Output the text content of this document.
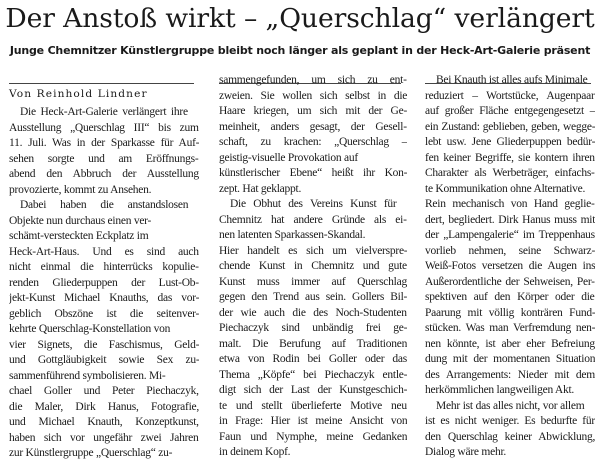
Der Anstoß wirkt – „Querschlag“ verlängert
Junge Chemnitzer Künstlergruppe bleibt noch länger als geplant in der Heck-Art-Galerie präsent
Von Reinhold Lindner
Die Heck-Art-Galerie verlängert ihre
Ausstellung „Querschlag III“ bis zum
11. Juli. Was in der Sparkasse für Auf-
sehen sorgte und am Eröffnungs-
abend den Abbruch der Ausstellung
provozierte, kommt zu Ansehen.
Dabei haben die anstandslosen
Objekte nun durchaus einen ver-
schämt-versteckten Eckplatz im
Heck-Art-Haus. Und es sind auch
nicht einmal die hinterrücks kopulie-
renden Gliederpuppen der Lust-Ob-
jekt-Kunst Michael Knauths, das vor-
geblich Obszöne ist die seitenver-
kehrte Querschlag-Konstellation von
vier Signets, die Faschismus, Geld-
und Gottgläubigkeit sowie Sex zu-
sammenführend symbolisieren. Mi-
chael Goller und Peter Piechaczyk,
die Maler, Dirk Hanus, Fotografie,
und Michael Knauth, Konzeptkunst,
haben sich vor ungefähr zwei Jahren
zur Künstlergruppe „Querschlag“ zu-
sammengefunden, um sich zu ent-
zweien. Sie wollen sich selbst in die
Haare kriegen, um sich mit der Ge-
meinheit, anders gesagt, der Gesell-
schaft, zu krachen: „Querschlag –
geistig-visuelle Provokation auf
künstlerischer Ebene“ heißt ihr Kon-
zept. Hat geklappt.
Die Obhut des Vereins Kunst für
Chemnitz hat andere Gründe als ei-
nen latenten Sparkassen-Skandal.
Hier handelt es sich um vielverspre-
chende Kunst in Chemnitz und gute
Kunst muss immer auf Querschlag
gegen den Trend aus sein. Gollers Bil-
der wie auch die des Noch-Studenten
Piechaczyk sind unbändig frei ge-
malt. Die Berufung auf Traditionen
etwa von Rodin bei Goller oder das
Thema „Köpfe“ bei Piechaczyk entle-
digt sich der Last der Kunstgeschich-
te und stellt überlieferte Motive neu
in Frage: Hier ist meine Ansicht von
Faun und Nymphe, meine Gedanken
in deinem Kopf.
Bei Knauth ist alles aufs Minimale
reduziert – Wortstücke, Augenpaar
auf großer Fläche entgegengesetzt –
ein Zustand: geblieben, geben, wegge-
lebt usw. Jene Gliederpuppen bedür-
fen keiner Begriffe, sie kontern ihren
Charakter als Werbeträger, einfachs-
te Kommunikation ohne Alternative.
Rein mechanisch von Hand geglie-
dert, begliedert. Dirk Hanus muss mit
der „Lampengalerie“ im Treppenhaus
vorlieb nehmen, seine Schwarz-
Weiß-Fotos versetzen die Augen ins
Außerordentliche der Sehweisen, Per-
spektiven auf den Körper oder die
Paarung mit völlig konträren Fund-
stücken. Was man Verfremdung nen-
nen könnte, ist aber eher Befreiung
dung mit der momentanen Situation
des Arrangements: Nieder mit dem
herkömmlichen langweiligen Akt.
Mehr ist das alles nicht, vor allem
ist es nicht weniger. Es bedurfte für
den Querschlag keiner Abwicklung,
Dialog wäre mehr.
